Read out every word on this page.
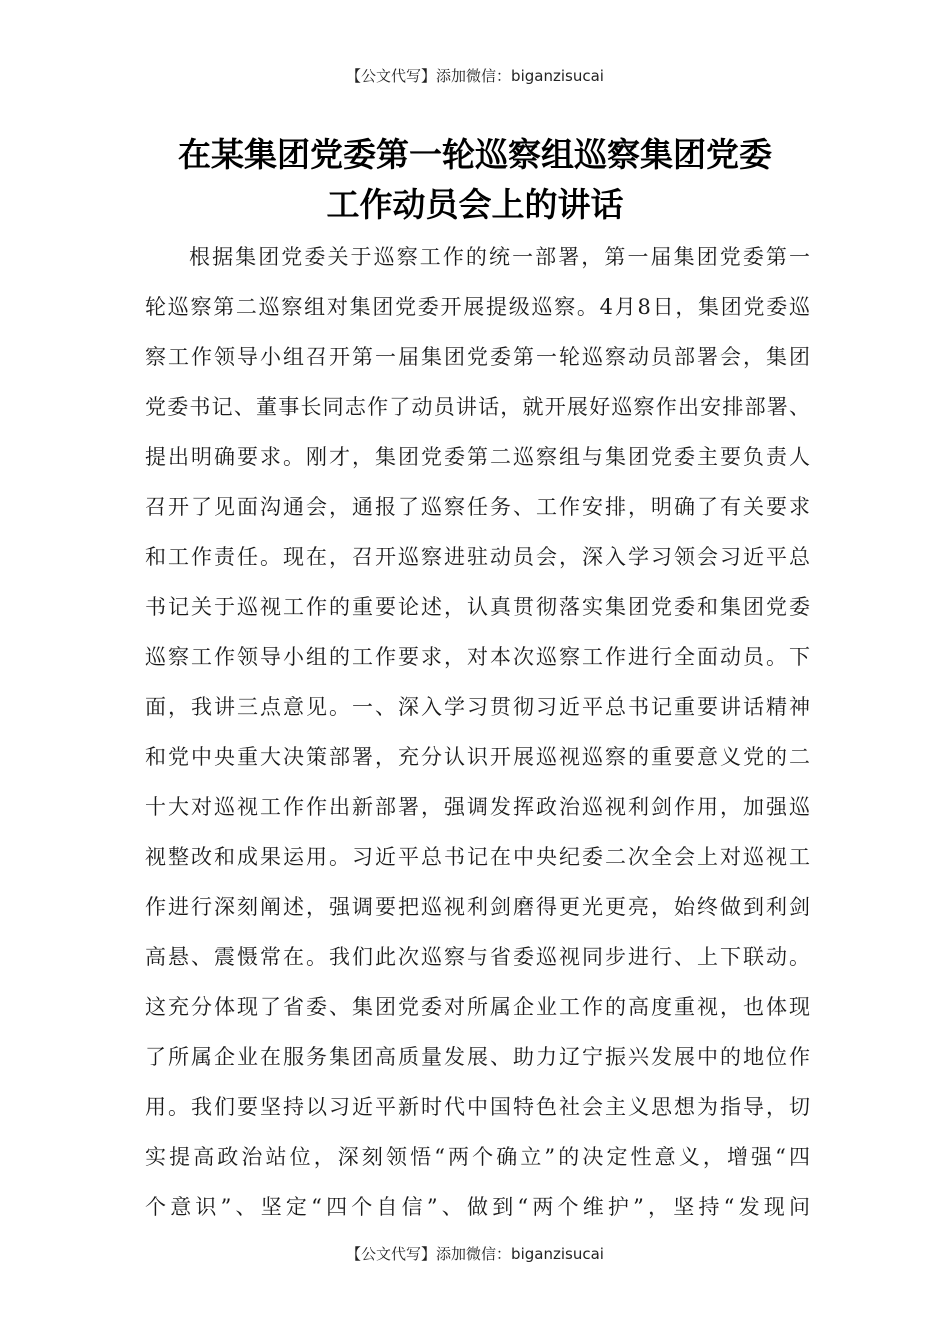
【公文代写】添加微信：biganzisucai
在某集团党委第一轮巡察组巡察集团党委
工作动员会上的讲话
根据集团党委关于巡察工作的统一部署，第一届集团党委第一
轮巡察第二巡察组对集团党委开展提级巡察。4月8日，集团党委巡
察工作领导小组召开第一届集团党委第一轮巡察动员部署会，集团
党委书记、董事长同志作了动员讲话，就开展好巡察作出安排部署、
提出明确要求。刚才，集团党委第二巡察组与集团党委主要负责人
召开了见面沟通会，通报了巡察任务、工作安排，明确了有关要求
和工作责任。现在，召开巡察进驻动员会，深入学习领会习近平总
书记关于巡视工作的重要论述，认真贯彻落实集团党委和集团党委
巡察工作领导小组的工作要求，对本次巡察工作进行全面动员。下
面，我讲三点意见。一、深入学习贯彻习近平总书记重要讲话精神
和党中央重大决策部署，充分认识开展巡视巡察的重要意义党的二
十大对巡视工作作出新部署，强调发挥政治巡视利剑作用，加强巡
视整改和成果运用。习近平总书记在中央纪委二次全会上对巡视工
作进行深刻阐述，强调要把巡视利剑磨得更光更亮，始终做到利剑
高悬、震慑常在。我们此次巡察与省委巡视同步进行、上下联动。
这充分体现了省委、集团党委对所属企业工作的高度重视，也体现
了所属企业在服务集团高质量发展、助力辽宁振兴发展中的地位作
用。我们要坚持以习近平新时代中国特色社会主义思想为指导，切
实提高政治站位，深刻领悟“两个确立”的决定性意义，增强“四
个意识”、坚定“四个自信”、做到“两个维护”，坚持“发现问
【公文代写】添加微信：biganzisucai
